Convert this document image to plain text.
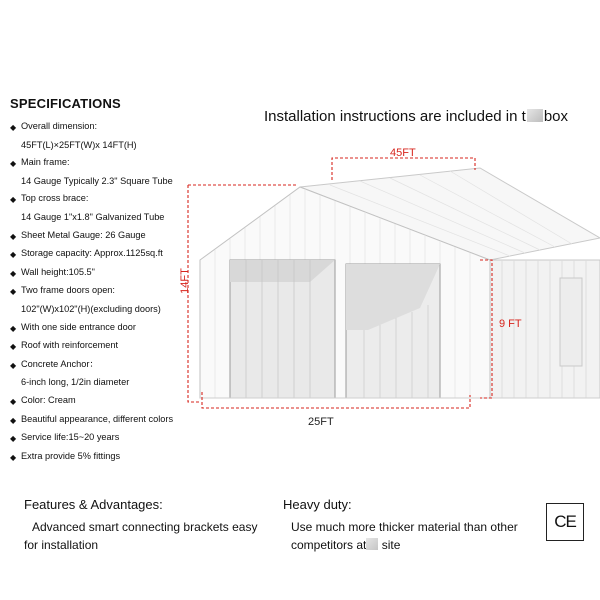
SPECIFICATIONS
◆ Overall dimension:
45FT(L)×25FT(W)x 14FT(H)
◆ Main frame:
14 Gauge Typically 2.3" Square Tube
◆ Top cross brace:
14 Gauge 1"x1.8" Galvanized Tube
◆ Sheet Metal Gauge: 26 Gauge
◆ Storage capacity: Approx.1125sq.ft
◆ Wall height:105.5"
◆ Two frame doors open:
102"(W)x102"(H)(excluding doors)
◆ With one side entrance door
◆ Roof with reinforcement
◆ Concrete Anchor：
6-inch long, 1/2in diameter
◆ Color: Cream
◆ Beautiful appearance, different colors
◆ Service life:15~20 years
◆ Extra provide 5% fittings
Installation instructions are included in t box
45FT
14FT
9 FT
25FT
Features & Advantages:
Advanced smart connecting brackets easy
for installation
Heavy duty:
Use much more thicker material than other
competitors at site
CE
